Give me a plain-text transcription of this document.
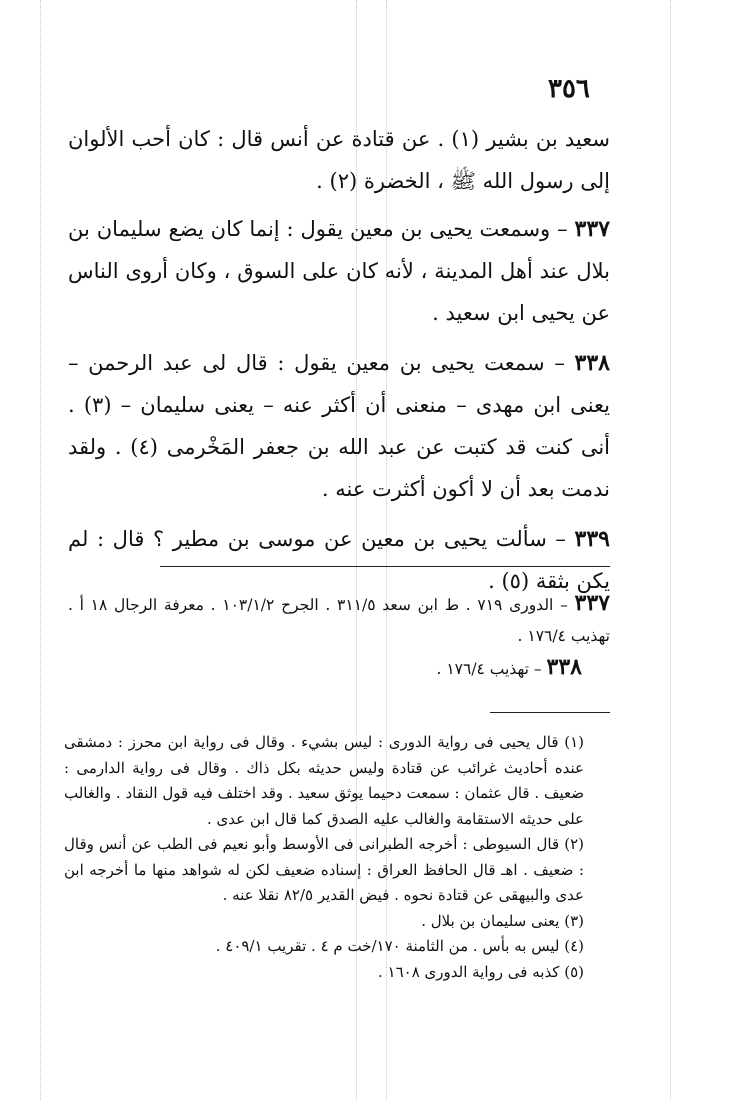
٣٥٦

سعيد بن بشير (١) . عن قتادة عن أنس قال : كان أحب الألوان إلى رسول الله ﷺ ، الخضرة (٢) .

٣٣٧ – وسمعت يحيى بن معين يقول : إنما كان يضع سليمان بن بلال عند أهل المدينة ، لأنه كان على السوق ، وكان أروى الناس عن يحيى ابن سعيد .

٣٣٨ – سمعت يحيى بن معين يقول : قال لى عبد الرحمن – يعنى ابن مهدى – منعنى أن أكثر عنه – يعنى سليمان – (٣) . أنى كنت قد كتبت عن عبد الله بن جعفر المَخْرمى (٤) . ولقد ندمت بعد أن لا أكون أكثرت عنه .

٣٣٩ – سألت يحيى بن معين عن موسى بن مطير ؟ قال : لم يكن بثقة (٥) .

٣٣٧ – الدورى ٧١٩ . ط ابن سعد ٣١١/٥ . الجرح ١٠٣/١/٢ . معرفة الرجال ١٨ أ . تهذيب ١٧٦/٤ .

٣٣٨ – تهذيب ١٧٦/٤ .

(١) قال يحيى فى رواية الدورى : ليس بشيء . وقال فى رواية ابن محرز : دمشقى عنده أحاديث غرائب عن قتادة وليس حديثه بكل ذاك . وقال فى رواية الدارمى : ضعيف . قال عثمان : سمعت دحيما يوثق سعيد . وقد اختلف فيه قول النقاد . والغالب على حديثه الاستقامة والغالب عليه الصدق كما قال ابن عدى .

(٢) قال السيوطى : أخرجه الطبرانى فى الأوسط وأبو نعيم فى الطب عن أنس وقال : ضعيف . اهـ قال الحافظ العراق : إسناده ضعيف لكن له شواهد منها ما أخرجه ابن عدى والبيهقى عن قتادة نحوه . فيض القدير ٨٢/٥ نقلا عنه .

(٣) يعنى سليمان بن بلال .

(٤) ليس به بأس . من الثامنة ١٧٠/خت م ٤ . تقريب ٤٠٩/١ .

(٥) كذبه فى رواية الدورى ١٦٠٨ .
